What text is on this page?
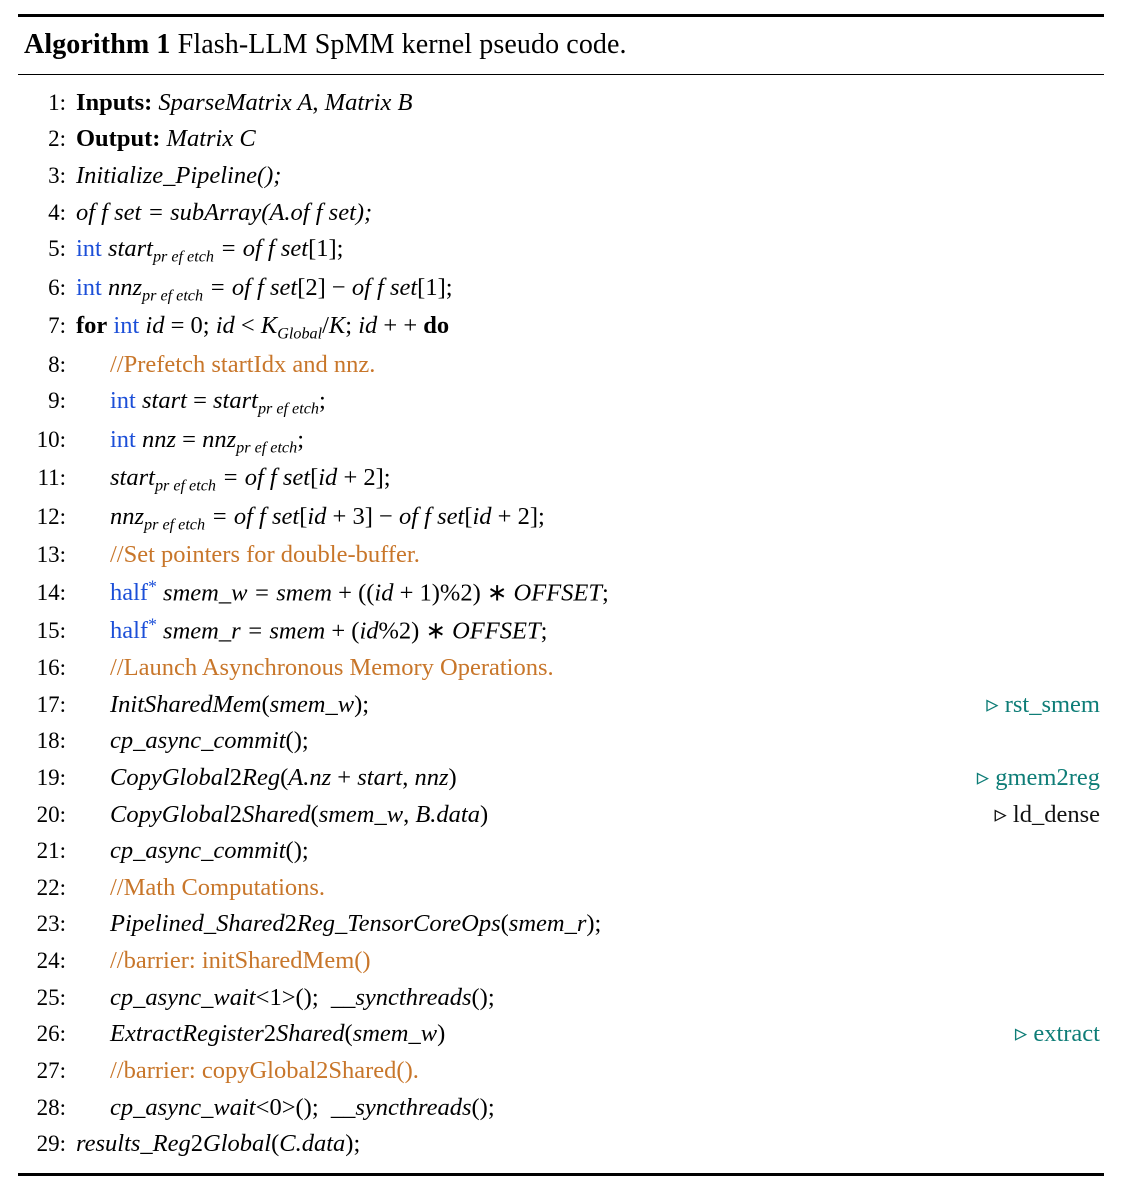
Algorithm 1 Flash-LLM SpMM kernel pseudo code.
1: Inputs: SparseMatrix A, Matrix B
2: Output: Matrix C
3: Initialize_Pipeline();
4: of f set = subArray(A.of f set);
5: int start$_{pr ef etch}$ = of f set[1];
6: int nnz$_{pr ef etch}$ = of f set[2] − of f set[1];
7: for int id = 0; id < $K_{Global}/K$; id + + do
8:	//Prefetch startIdx and nnz.
9:	int start = start$_{pr ef etch}$;
10:	int nnz = nnz$_{pr ef etch}$;
11:	start$_{pr ef etch}$ = of f set[id + 2];
12:	nnz$_{pr ef etch}$ = of f set[id + 3] − of f set[id + 2];
13:	//Set pointers for double-buffer.
14:	half* smem_w = smem + ((id + 1)%2) ∗ OFFSET;
15:	half* smem_r = smem + (id%2) ∗ OFFSET;
16:	//Launch Asynchronous Memory Operations.
17:	InitSharedMem(smem_w);	▹ rst_smem
18:	cp_async_commit();
19:	CopyGlobal2Reg(A.nz + start, nnz)	▹ gmem2reg
20:	CopyGlobal2Shared(smem_w, B.data)	▹ ld_dense
21:	cp_async_commit();
22:	//Math Computations.
23:	Pipelined_Shared2Reg_TensorCoreOps(smem_r);
24:	//barrier: initSharedMem()
25:	cp_async_wait<1>();  __syncthreads();
26:	ExtractRegister2Shared(smem_w)	▹ extract
27:	//barrier: copyGlobal2Shared().
28:	cp_async_wait<0>();  __syncthreads();
29: results_Reg2Global(C.data);
